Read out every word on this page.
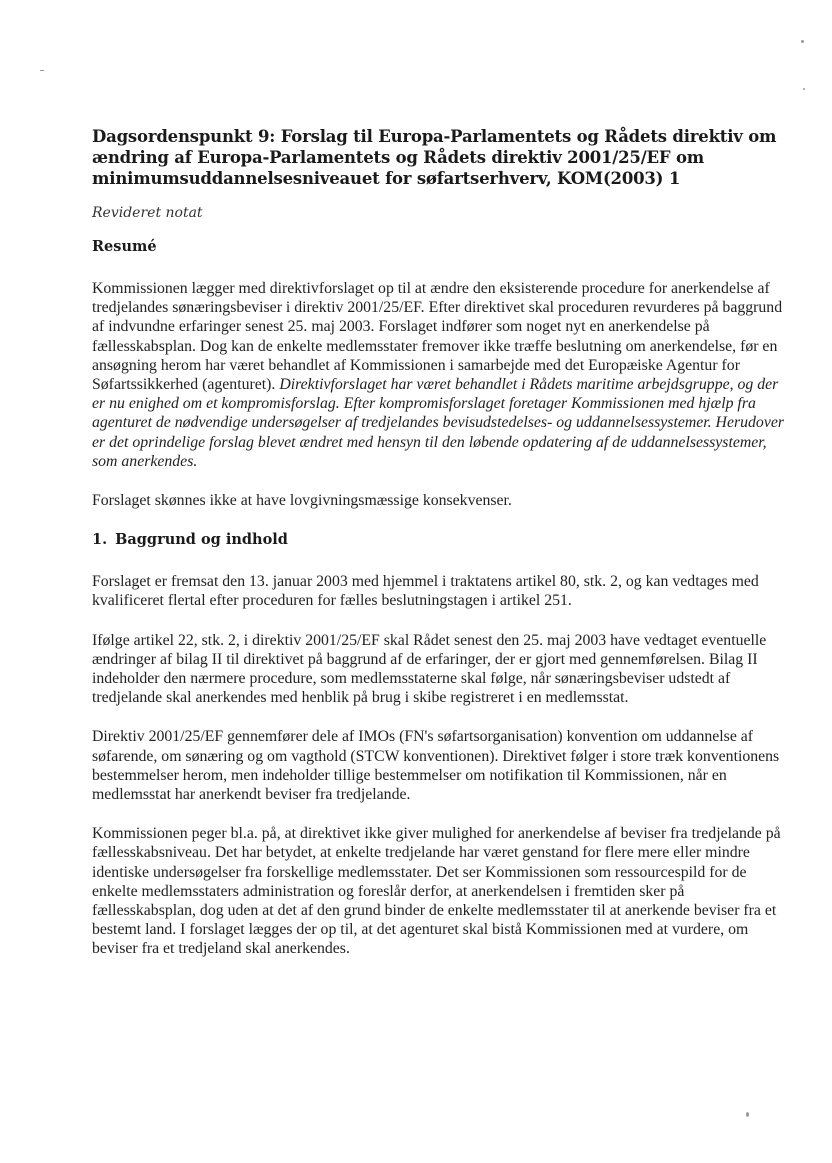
Dagsordenspunkt 9: Forslag til Europa-Parlamentets og Rådets direktiv om ændring af Europa-Parlamentets og Rådets direktiv 2001/25/EF om minimumsuddannelsesniveauet for søfartserhverv, KOM(2003) 1
Revideret notat
Resumé

Kommissionen lægger med direktivforslaget op til at ændre den eksisterende procedure for anerkendelse af tredjelandes sønæringsbeviser i direktiv 2001/25/EF. Efter direktivet skal proceduren revurderes på baggrund af indvundne erfaringer senest 25. maj 2003. Forslaget indfører som noget nyt en anerkendelse på fællesskabsplan. Dog kan de enkelte medlemsstater fremover ikke træffe beslutning om anerkendelse, før en ansøgning herom har været behandlet af Kommissionen i samarbejde med det Europæiske Agentur for Søfartssikkerhed (agenturet). Direktivforslaget har været behandlet i Rådets maritime arbejdsgruppe, og der er nu enighed om et kompromisforslag. Efter kompromisforslaget foretager Kommissionen med hjælp fra agenturet de nødvendige undersøgelser af tredjelandes bevisudstedelses- og uddannelsessystemer. Herudover er det oprindelige forslag blevet ændret med hensyn til den løbende opdatering af de uddannelsessystemer, som anerkendes.

Forslaget skønnes ikke at have lovgivningsmæssige konsekvenser.

1. Baggrund og indhold

Forslaget er fremsat den 13. januar 2003 med hjemmel i traktatens artikel 80, stk. 2, og kan vedtages med kvalificeret flertal efter proceduren for fælles beslutningstagen i artikel 251.

Ifølge artikel 22, stk. 2, i direktiv 2001/25/EF skal Rådet senest den 25. maj 2003 have vedtaget eventuelle ændringer af bilag II til direktivet på baggrund af de erfaringer, der er gjort med gennemførelsen. Bilag II indeholder den nærmere procedure, som medlemsstaterne skal følge, når sønæringsbeviser udstedt af tredjelande skal anerkendes med henblik på brug i skibe registreret i en medlemsstat.

Direktiv 2001/25/EF gennemfører dele af IMOs (FN's søfartsorganisation) konvention om uddannelse af søfarende, om sønæring og om vagthold (STCW konventionen). Direktivet følger i store træk konventionens bestemmelser herom, men indeholder tillige bestemmelser om notifikation til Kommissionen, når en medlemsstat har anerkendt beviser fra tredjelande.

Kommissionen peger bl.a. på, at direktivet ikke giver mulighed for anerkendelse af beviser fra tredjelande på fællesskabsniveau. Det har betydet, at enkelte tredjelande har været genstand for flere mere eller mindre identiske undersøgelser fra forskellige medlemsstater. Det ser Kommissionen som ressourcespild for de enkelte medlemsstaters administration og foreslår derfor, at anerkendelsen i fremtiden sker på fællesskabsplan, dog uden at det af den grund binder de enkelte medlemsstater til at anerkende beviser fra et bestemt land. I forslaget lægges der op til, at det agenturet skal bistå Kommissionen med at vurdere, om beviser fra et tredjeland skal anerkendes.
